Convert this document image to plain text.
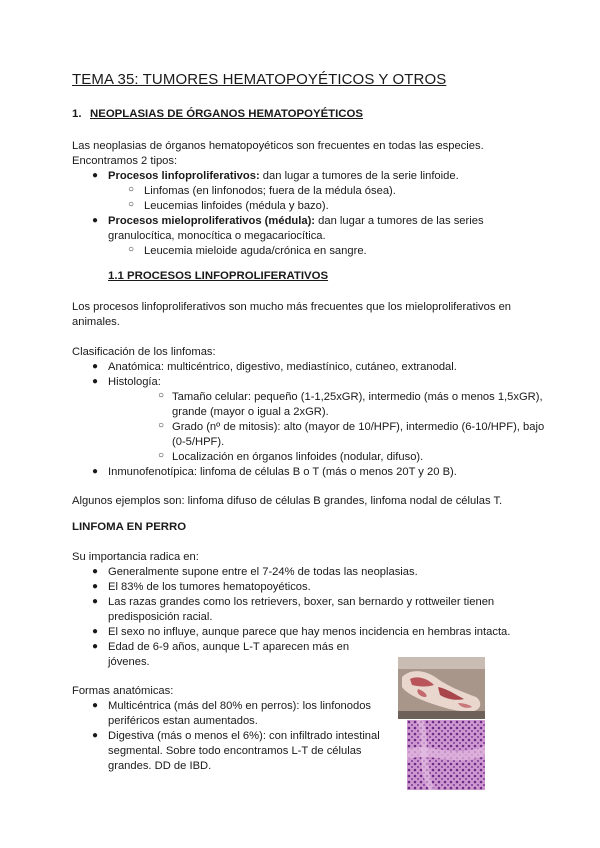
TEMA 35: TUMORES HEMATOPOYÉTICOS Y OTROS
1. NEOPLASIAS DE ÓRGANOS HEMATOPOYÉTICOS
Las neoplasias de órganos hematopoyéticos son frecuentes en todas las especies.
Encontramos 2 tipos:
● Procesos linfoproliferativos: dan lugar a tumores de la serie linfoide.
○ Linfomas (en linfonodos; fuera de la médula ósea).
○ Leucemias linfoides (médula y bazo).
● Procesos mieloproliferativos (médula): dan lugar a tumores de las series
granulocítica, monocítica o megacariocítica.
○ Leucemia mieloide aguda/crónica en sangre.
1.1 PROCESOS LINFOPROLIFERATIVOS
Los procesos linfoproliferativos son mucho más frecuentes que los mieloproliferativos en
animales.
Clasificación de los linfomas:
● Anatómica: multicéntrico, digestivo, mediastínico, cutáneo, extranodal.
● Histología:
○ Tamaño celular: pequeño (1-1,25xGR), intermedio (más o menos 1,5xGR),
grande (mayor o igual a 2xGR).
○ Grado (nº de mitosis): alto (mayor de 10/HPF), intermedio (6-10/HPF), bajo
(0-5/HPF).
○ Localización en órganos linfoides (nodular, difuso).
● Inmunofenotípica: linfoma de células B o T (más o menos 20T y 20 B).
Algunos ejemplos son: linfoma difuso de células B grandes, linfoma nodal de células T.
LINFOMA EN PERRO
Su importancia radica en:
● Generalmente supone entre el 7-24% de todas las neoplasias.
● El 83% de los tumores hematopoyéticos.
● Las razas grandes como los retrievers, boxer, san bernardo y rottweiler tienen
predisposición racial.
● El sexo no influye, aunque parece que hay menos incidencia en hembras intacta.
● Edad de 6-9 años, aunque L-T aparecen más en
jóvenes.
Formas anatómicas:
● Multicéntrica (más del 80% en perros): los linfonodos
periféricos estan aumentados.
● Digestiva (más o menos el 6%): con infiltrado intestinal
segmental. Sobre todo encontramos L-T de células
grandes. DD de IBD.
